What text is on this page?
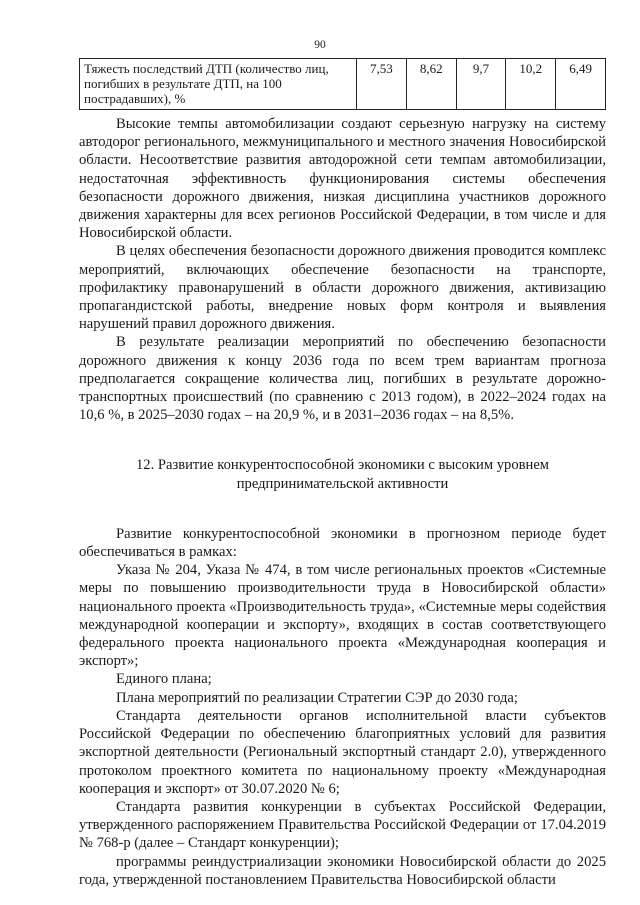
90
Тяжесть последствий ДТП (количество лиц, погибших в результате ДТП, на 100 пострадавших), %	7,53	8,62	9,7	10,2	6,49

Высокие темпы автомобилизации создают серьезную нагрузку на систему автодорог регионального, межмуниципального и местного значения Новосибирской области. Несоответствие развития автодорожной сети темпам автомобилизации, недостаточная эффективность функционирования системы обеспечения безопасности дорожного движения, низкая дисциплина участников дорожного движения характерны для всех регионов Российской Федерации, в том числе и для Новосибирской области.

В целях обеспечения безопасности дорожного движения проводится комплекс мероприятий, включающих обеспечение безопасности на транспорте, профилактику правонарушений в области дорожного движения, активизацию пропагандистской работы, внедрение новых форм контроля и выявления нарушений правил дорожного движения.

В результате реализации мероприятий по обеспечению безопасности дорожного движения к концу 2036 года по всем трем вариантам прогноза предполагается сокращение количества лиц, погибших в результате дорожно-транспортных происшествий (по сравнению с 2013 годом), в 2022–2024 годах на 10,6 %, в 2025–2030 годах – на 20,9 %, и в 2031–2036 годах – на 8,5%.

12. Развитие конкурентоспособной экономики с высоким уровнем предпринимательской активности

Развитие конкурентоспособной экономики в прогнозном периоде будет обеспечиваться в рамках:

Указа № 204, Указа № 474, в том числе региональных проектов «Системные меры по повышению производительности труда в Новосибирской области» национального проекта «Производительность труда», «Системные меры содействия международной кооперации и экспорту», входящих в состав соответствующего федерального проекта национального проекта «Международная кооперация и экспорт»;

Единого плана;

Плана мероприятий по реализации Стратегии СЭР до 2030 года;

Стандарта деятельности органов исполнительной власти субъектов Российской Федерации по обеспечению благоприятных условий для развития экспортной деятельности (Региональный экспортный стандарт 2.0), утвержденного протоколом проектного комитета по национальному проекту «Международная кооперация и экспорт» от 30.07.2020 № 6;

Стандарта развития конкуренции в субъектах Российской Федерации, утвержденного распоряжением Правительства Российской Федерации от 17.04.2019 № 768-р (далее – Стандарт конкуренции);

программы реиндустриализации экономики Новосибирской области до 2025 года, утвержденной постановлением Правительства Новосибирской области
